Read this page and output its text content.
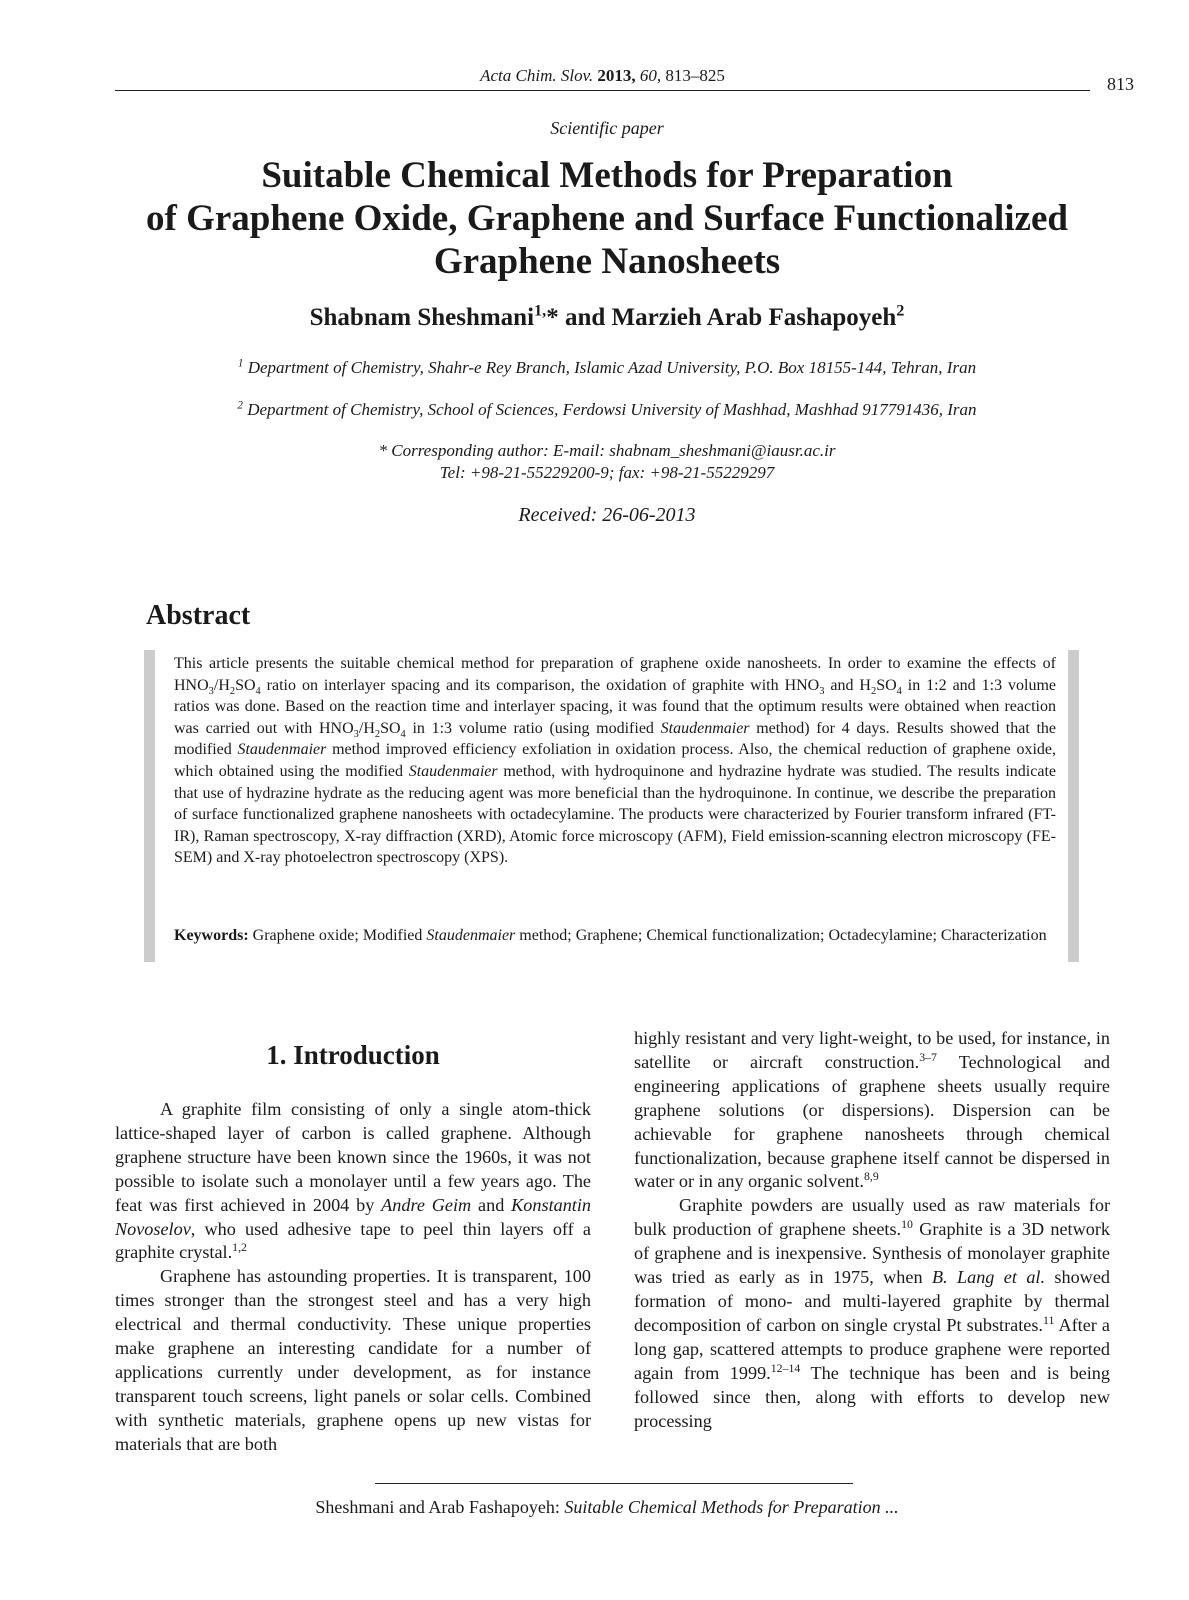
Acta Chim. Slov. 2013, 60, 813–825	813
Scientific paper
Suitable Chemical Methods for Preparation
of Graphene Oxide, Graphene and Surface Functionalized
Graphene Nanosheets
Shabnam Sheshmani$^{1,}$* and Marzieh Arab Fashapoyeh$^2$
$^1$ Department of Chemistry, Shahr-e Rey Branch, Islamic Azad University, P.O. Box 18155-144, Tehran, Iran
$^2$ Department of Chemistry, School of Sciences, Ferdowsi University of Mashhad, Mashhad 917791436, Iran
* Corresponding author: E-mail: shabnam_sheshmani@iausr.ac.ir
Tel: +98-21-55229200-9; fax: +98-21-55229297
Received: 26-06-2013
Abstract
This article presents the suitable chemical method for preparation of graphene oxide nanosheets. In order to examine the effects of $HNO_3/H_2SO_4$ ratio on interlayer spacing and its comparison, the oxidation of graphite with $HNO_3$ and $H_2SO_4$ in 1:2 and 1:3 volume ratios was done. Based on the reaction time and interlayer spacing, it was found that the optimum results were obtained when reaction was carried out with $HNO_3/H_2SO_4$ in 1:3 volume ratio (using modified Staudenmaier method) for 4 days. Results showed that the modified Staudenmaier method improved efficiency exfoliation in oxidation process. Also, the chemical reduction of graphene oxide, which obtained using the modified Staudenmaier method, with hydroquinone and hydrazine hydrate was studied. The results indicate that use of hydrazine hydrate as the reducing agent was more beneficial than the hydroquinone. In continue, we describe the preparation of surface functionalized graphene nanosheets with octadecylamine. The products were characterized by Fourier transform infrared (FT-IR), Raman spectroscopy, X-ray diffraction (XRD), Atomic force microscopy (AFM), Field emission-scanning electron microscopy (FE-SEM) and X-ray photoelectron spectroscopy (XPS).
Keywords: Graphene oxide; Modified Staudenmaier method; Graphene; Chemical functionalization; Octadecylamine; Characterization
1. Introduction

A graphite film consisting of only a single atom-thick lattice-shaped layer of carbon is called graphene. Although graphene structure have been known since the 1960s, it was not possible to isolate such a monolayer until a few years ago. The feat was first achieved in 2004 by Andre Geim and Konstantin Novoselov, who used adhesive tape to peel thin layers off a graphite crystal.$^{1,2}$

Graphene has astounding properties. It is transparent, 100 times stronger than the strongest steel and has a very high electrical and thermal conductivity. These unique properties make graphene an interesting candidate for a number of applications currently under development, as for instance transparent touch screens, light panels or solar cells. Combined with synthetic materials, graphene opens up new vistas for materials that are both

highly resistant and very light-weight, to be used, for instance, in satellite or aircraft construction.$^{3-7}$ Technological and engineering applications of graphene sheets usually require graphene solutions (or dispersions). Dispersion can be achievable for graphene nanosheets through chemical functionalization, because graphene itself cannot be dispersed in water or in any organic solvent.$^{8,9}$

Graphite powders are usually used as raw materials for bulk production of graphene sheets.$^{10}$ Graphite is a 3D network of graphene and is inexpensive. Synthesis of monolayer graphite was tried as early as in 1975, when B. Lang et al. showed formation of mono- and multi-layered graphite by thermal decomposition of carbon on single crystal Pt substrates.$^{11}$ After a long gap, scattered attempts to produce graphene were reported again from 1999.$^{12-14}$ The technique has been and is being followed since then, along with efforts to develop new processing

Sheshmani and Arab Fashapoyeh: Suitable Chemical Methods for Preparation ...
